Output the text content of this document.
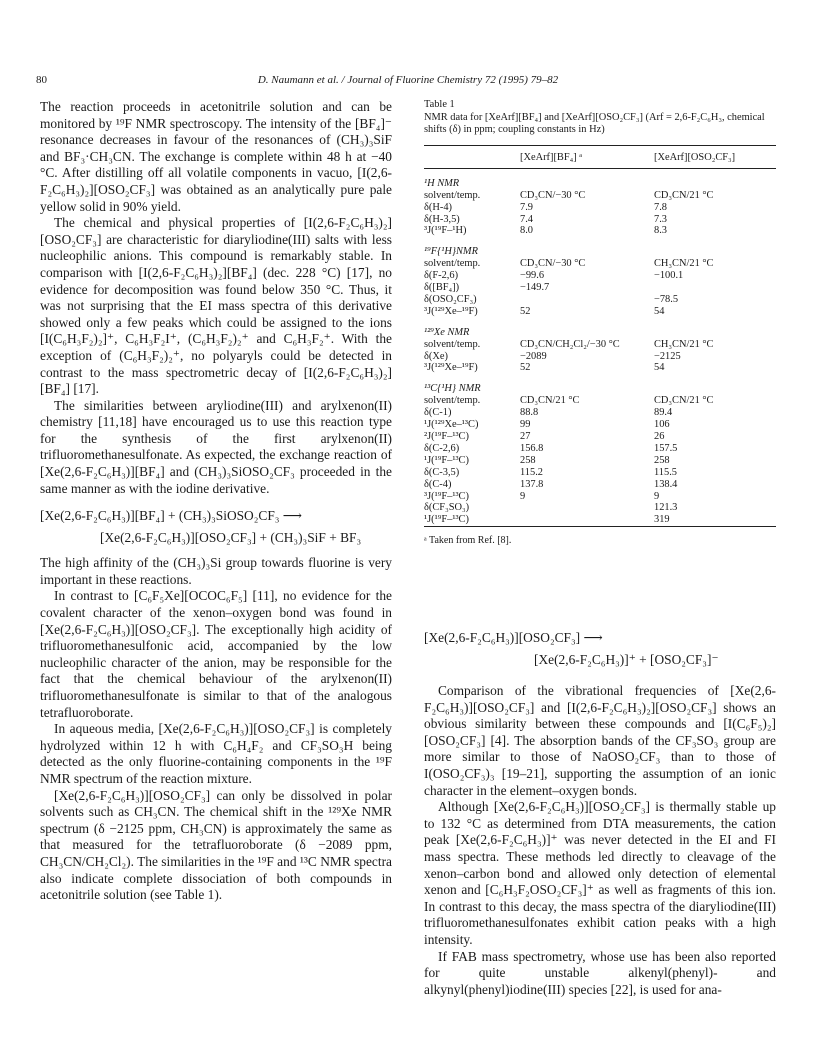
80	D. Naumann et al. / Journal of Fluorine Chemistry 72 (1995) 79–82

The reaction proceeds in acetonitrile solution and can be monitored by ¹⁹F NMR spectroscopy. The intensity of the [BF₄]⁻ resonance decreases in favour of the resonances of (CH₃)₃SiF and BF₃·CH₃CN. The exchange is complete within 48 h at −40 °C. After distilling off all volatile components in vacuo, [I(2,6-F₂C₆H₃)₂][OSO₂CF₃] was obtained as an analytically pure pale yellow solid in 90% yield.

The chemical and physical properties of [I(2,6-F₂C₆H₃)₂][OSO₂CF₃] are characteristic for diaryliodine(III) salts with less nucleophilic anions. This compound is remarkably stable. In comparison with [I(2,6-F₂C₆H₃)₂][BF₄] (dec. 228 °C) [17], no evidence for decomposition was found below 350 °C. Thus, it was not surprising that the EI mass spectra of this derivative showed only a few peaks which could be assigned to the ions [I(C₆H₃F₂)₂]⁺, C₆H₃F₂I⁺, (C₆H₃F₂)₂⁺ and C₆H₃F₂⁺. With the exception of (C₆H₃F₂)₂⁺, no polyaryls could be detected in contrast to the mass spectrometric decay of [I(2,6-F₂C₆H₃)₂][BF₄] [17].

The similarities between aryliodine(III) and arylxenon(II) chemistry [11,18] have encouraged us to use this reaction type for the synthesis of the first arylxenon(II) trifluoromethanesulfonate. As expected, the exchange reaction of [Xe(2,6-F₂C₆H₃)][BF₄] and (CH₃)₃SiOSO₂CF₃ proceeded in the same manner as with the iodine derivative.

[Xe(2,6-F₂C₆H₃)][BF₄] + (CH₃)₃SiOSO₂CF₃ ⟶
[Xe(2,6-F₂C₆H₃)][OSO₂CF₃] + (CH₃)₃SiF + BF₃

The high affinity of the (CH₃)₃Si group towards fluorine is very important in these reactions.

In contrast to [C₆F₅Xe][OCOC₆F₅] [11], no evidence for the covalent character of the xenon–oxygen bond was found in [Xe(2,6-F₂C₆H₃)][OSO₂CF₃]. The exceptionally high acidity of trifluoromethanesulfonic acid, accompanied by the low nucleophilic character of the anion, may be responsible for the fact that the chemical behaviour of the arylxenon(II) trifluoromethanesulfonate is similar to that of the analogous tetrafluoroborate.

In aqueous media, [Xe(2,6-F₂C₆H₃)][OSO₂CF₃] is completely hydrolyzed within 12 h with C₆H₄F₂ and CF₃SO₃H being detected as the only fluorine-containing components in the ¹⁹F NMR spectrum of the reaction mixture.

[Xe(2,6-F₂C₆H₃)][OSO₂CF₃] can only be dissolved in polar solvents such as CH₃CN. The chemical shift in the ¹²⁹Xe NMR spectrum (δ −2125 ppm, CH₃CN) is approximately the same as that measured for the tetrafluoroborate (δ −2089 ppm, CH₃CN/CH₂Cl₂). The similarities in the ¹⁹F and ¹³C NMR spectra also indicate complete dissociation of both compounds in acetonitrile solution (see Table 1).

Table 1
NMR data for [XeArf][BF₄] and [XeArf][OSO₂CF₃] (Arf = 2,6-F₂C₆H₃, chemical shifts (δ) in ppm; coupling constants in Hz)
	[XeArf][BF₄] ᵃ	[XeArf][OSO₂CF₃]
¹H NMR		
solvent/temp.	CD₃CN/−30 °C	CD₃CN/21 °C
δ(H-4)	7.9	7.8
δ(H-3,5)	7.4	7.3
³J(¹⁹F–¹H)	8.0	8.3
¹⁹F{¹H}NMR		
solvent/temp.	CD₃CN/−30 °C	CH₃CN/21 °C
δ(F-2,6)	−99.6	−100.1
δ([BF₄])	−149.7	
δ(OSO₂CF₃)		−78.5
³J(¹²⁹Xe–¹⁹F)	52	54
¹²⁹Xe NMR		
solvent/temp.	CD₃CN/CH₂Cl₂/−30 °C	CH₃CN/21 °C
δ(Xe)	−2089	−2125
³J(¹²⁹Xe–¹⁹F)	52	54
¹³C{¹H} NMR		
solvent/temp.	CD₃CN/21 °C	CD₃CN/21 °C
δ(C-1)	88.8	89.4
¹J(¹²⁹Xe–¹³C)	99	106
²J(¹⁹F–¹³C)	27	26
δ(C-2,6)	156.8	157.5
¹J(¹⁹F–¹³C)	258	258
δ(C-3,5)	115.2	115.5
δ(C-4)	137.8	138.4
³J(¹⁹F–¹³C)	9	9
δ(CF₃SO₃)		121.3
¹J(¹⁹F–¹³C)		319
ᵃ Taken from Ref. [8].
[Xe(2,6-F₂C₆H₃)][OSO₂CF₃] ⟶
[Xe(2,6-F₂C₆H₃)]⁺ + [OSO₂CF₃]⁻

Comparison of the vibrational frequencies of [Xe(2,6-F₂C₆H₃)][OSO₂CF₃] and [I(2,6-F₂C₆H₃)₂][OSO₂CF₃] shows an obvious similarity between these compounds and [I(C₆F₅)₂][OSO₂CF₃] [4]. The absorption bands of the CF₃SO₃ group are more similar to those of NaOSO₂CF₃ than to those of I(OSO₂CF₃)₃ [19–21], supporting the assumption of an ionic character in the element–oxygen bonds.

Although [Xe(2,6-F₂C₆H₃)][OSO₂CF₃] is thermally stable up to 132 °C as determined from DTA measurements, the cation peak [Xe(2,6-F₂C₆H₃)]⁺ was never detected in the EI and FI mass spectra. These methods led directly to cleavage of the xenon–carbon bond and allowed only detection of elemental xenon and [C₆H₃F₂OSO₂CF₃]⁺ as well as fragments of this ion. In contrast to this decay, the mass spectra of the diaryliodine(III) trifluoromethanesulfonates exhibit cation peaks with a high intensity.

If FAB mass spectrometry, whose use has been also reported for quite unstable alkenyl(phenyl)- and alkynyl(phenyl)iodine(III) species [22], is used for ana-
